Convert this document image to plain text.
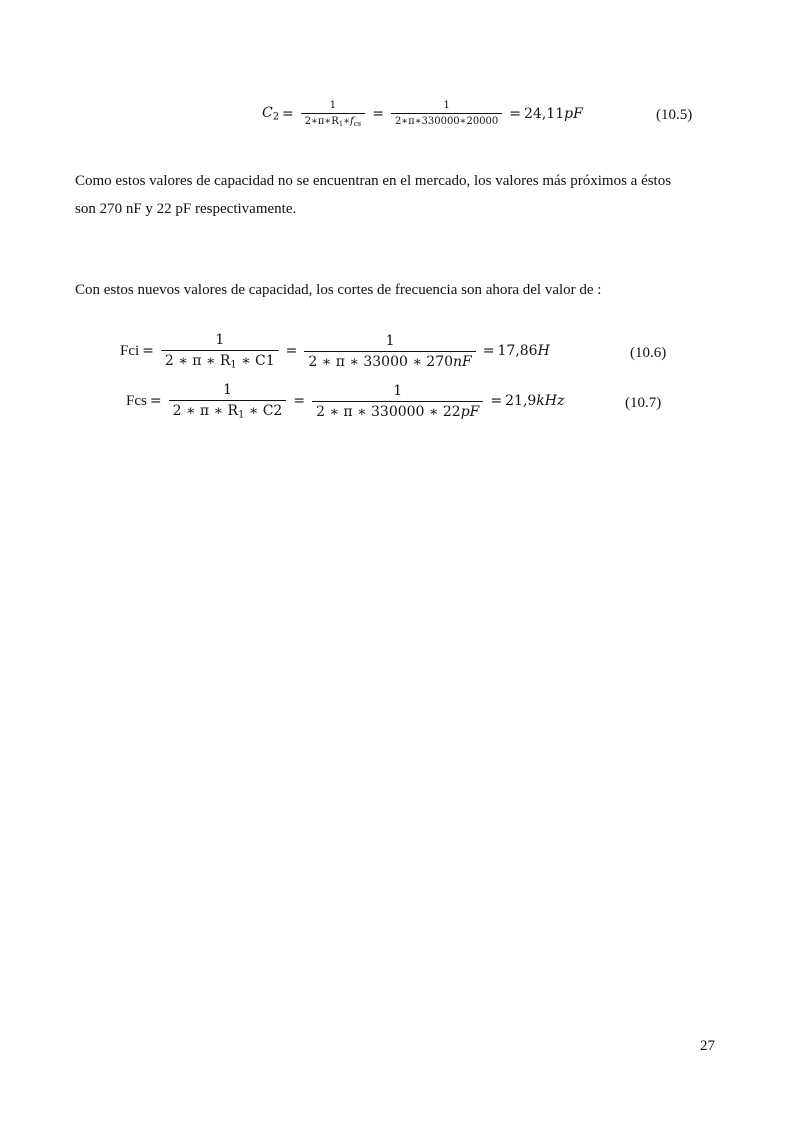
$C_2 = \frac{1}{2∗\pi∗R_1∗f_{cs}} = \frac{1}{2∗\pi∗330000∗20000} = 24,11pF$	(10.5)
Como estos valores de capacidad no se encuentran en el mercado, los valores más próximos a éstos
son 270 nF y 22 pF respectivamente.
Con estos nuevos valores de capacidad, los cortes de frecuencia son ahora del valor de :
Fci = $\frac{1}{2 ∗ \pi ∗ R_1 ∗ C1} = \frac{1}{2 ∗ \pi ∗ 33000 ∗ 270nF} = 17,86H$	(10.6)
Fcs = $\frac{1}{2 ∗ \pi ∗ R_1 ∗ C2} = \frac{1}{2 ∗ \pi ∗ 330000 ∗ 22pF} = 21,9kHz$	(10.7)
27
